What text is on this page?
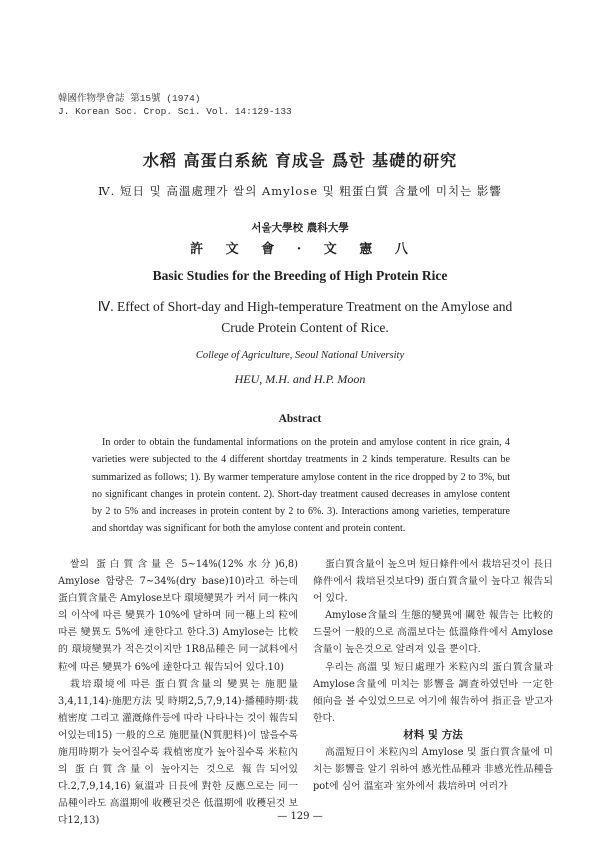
韓國作物學會誌 第15號 (1974)
J. Korean Soc. Crop. Sci. Vol. 14:129-133
水稻 高蛋白系統 育成을 爲한 基礎的研究
Ⅳ. 短日 및 高溫處理가 쌀의 Amylose 및 粗蛋白質 含量에 미치는 影響
서울大學校 農科大學
許 文 會 · 文 憲 八
Basic Studies for the Breeding of High Protein Rice
Ⅳ. Effect of Short-day and High-temperature Treatment on the Amylose and Crude Protein Content of Rice.
College of Agriculture, Seoul National University
HEU, M.H. and H.P. Moon
Abstract
In order to obtain the fundamental informations on the protein and amylose content in rice grain, 4 varieties were subjected to the 4 different shortday treatments in 2 kinds temperature. Results can be summarized as follows; 1). By warmer temperature amylose content in the rice dropped by 2 to 3%, but no significant changes in protein content. 2). Short-day treatment caused decreases in amylose content by 2 to 5% and increases in protein content by 2 to 6%. 3). Interactions among varieties, temperature and shortday was significant for both the amylose content and protein content.

쌀의 蛋白質含量은 5~14%(12%水分)6,8) Amylose 함량은 7~34%(dry base)10)라고 하는데 蛋白質含量은 Amylose보다 環境變異가 커서 同一株內의 이삭에 따른 變異가 10%에 달하며 同一穗上의 粒에 따른 變異도 5%에 達한다고 한다.3) Amylose는 比較的 環境變異가 적은것이지만 1R8品種은 同一試料에서 粒에 따른 變異가 6%에 達한다고 報告되어 있다.10)

栽培環境에 따른 蛋白質含量의 變異는 施肥量3,4,11,14)·施肥方法 및 時期2,5,7,9,14)·播種時期·栽植密度 그리고 灌漑條件등에 따라 나타나는 것이 報告되어있는데15) 一般的으로 施肥量(N質肥料)이 많을수록 施用時期가 늦어질수록 栽植密度가 높아질수록 米粒內의 蛋白質含量이 높아지는 것으로 報告되어있다.2,7,9,14,16) 氣溫과 日長에 對한 反應으로는 同一品種이라도 高溫期에 收穫된것은 低溫期에 收穫된것 보다12,13)

蛋白質含量이 높으며 短日條件에서 栽培된것이 長日條件에서 栽培된것보다9) 蛋白質含量이 높다고 報告되어 있다.

Amylose含量의 生態的變異에 關한 報告는 比較的 드물어 一般的으로 高溫보다는 低溫條件에서 Amylose 含量이 높은것으로 알려져 있을 뿐이다.

우리는 高溫 및 短日處理가 米粒內의 蛋白質含量과 Amylose含量에 미치는 影響을 調査하였던바 一定한 傾向을 볼 수있었으므로 여기에 報告하여 指正을 받고자 한다.

材料 및 方法

高溫短日이 米粒內의 Amylose 및 蛋白質含量에 미치는 影響을 알기 위하여 感光性品種과 非感光性品種을 pot에 심어 溫室과 室外에서 栽培하며 여러가

— 129 —
